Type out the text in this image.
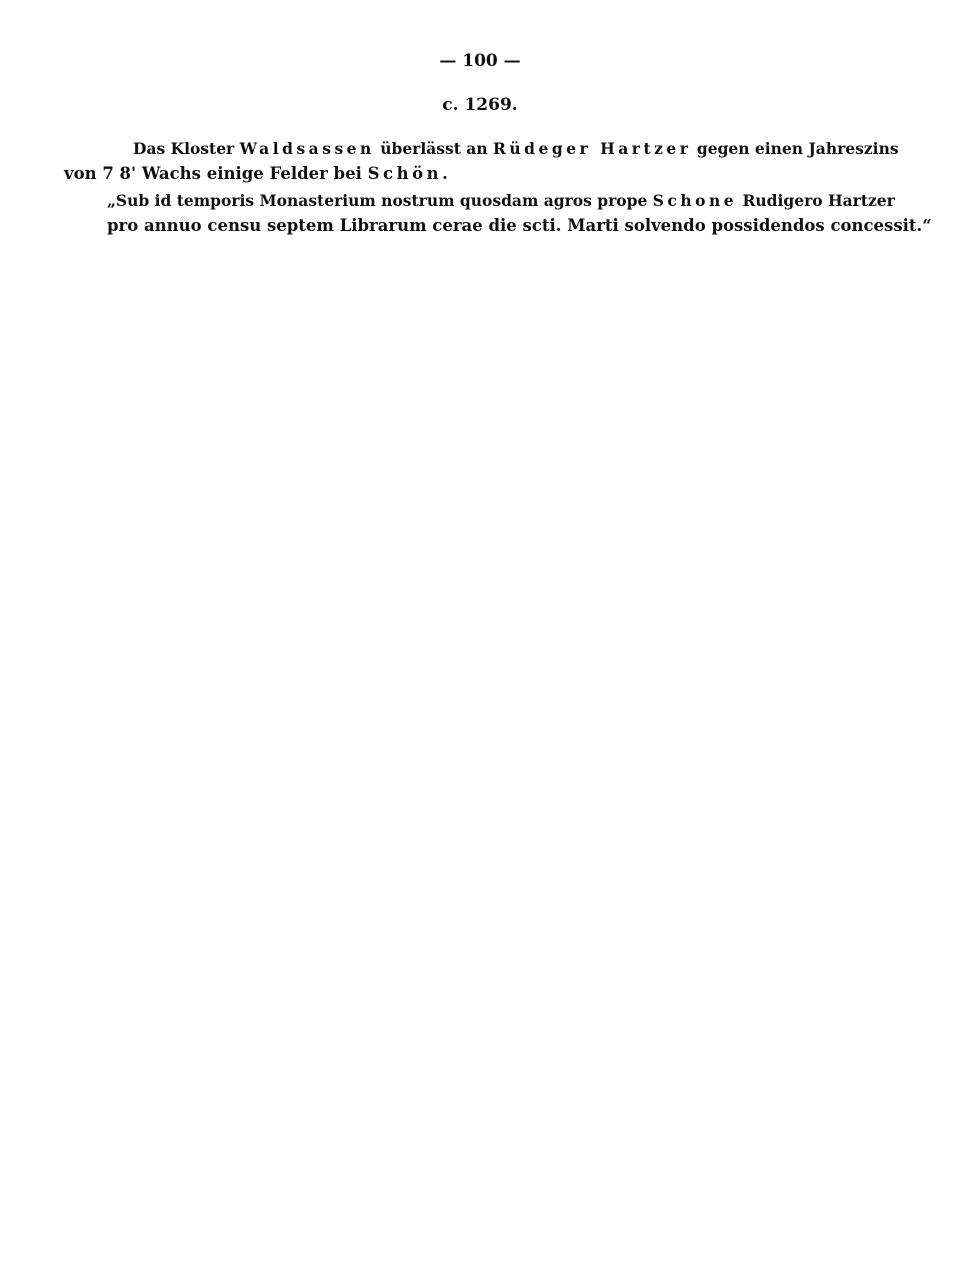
— 100 —
c. 1269.
Das Kloster Waldsassen überlässt an Rüdeger Hartzer gegen einen Jahreszins
von 7 8' Wachs einige Felder bei Schön.
„Sub id temporis Monasterium nostrum quosdam agros prope Schone Rudigero Hartzer
pro annuo censu septem Librarum cerae die scti. Marti solvendo possidendos concessit.“
